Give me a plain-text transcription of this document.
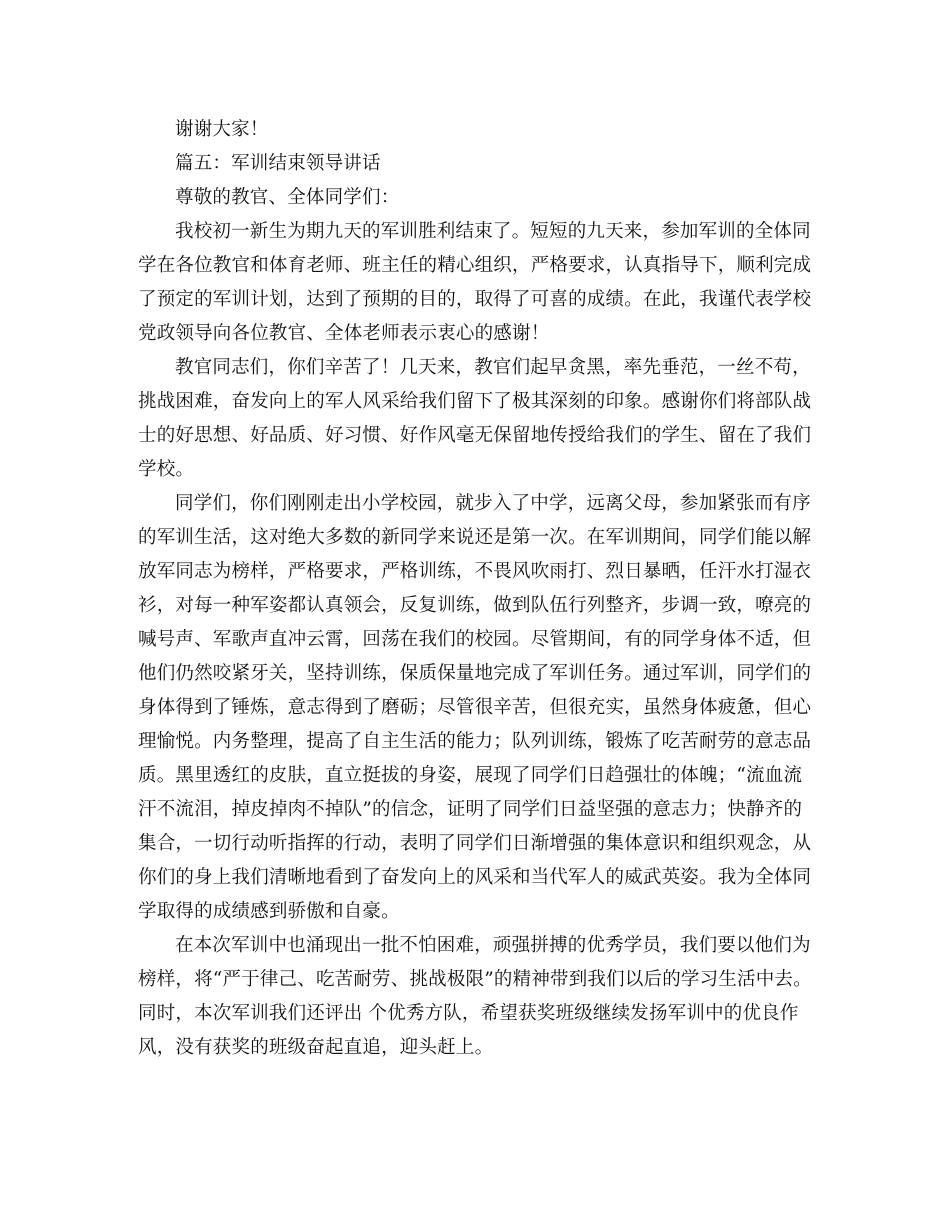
谢谢大家！
篇五：军训结束领导讲话
尊敬的教官、全体同学们：
我校初一新生为期九天的军训胜利结束了。短短的九天来，参加军训的全体同
学在各位教官和体育老师、班主任的精心组织，严格要求，认真指导下，顺利完成
了预定的军训计划，达到了预期的目的，取得了可喜的成绩。在此，我谨代表学校
党政领导向各位教官、全体老师表示衷心的感谢！
教官同志们，你们辛苦了！几天来，教官们起早贪黑，率先垂范，一丝不苟，
挑战困难，奋发向上的军人风采给我们留下了极其深刻的印象。感谢你们将部队战
士的好思想、好品质、好习惯、好作风毫无保留地传授给我们的学生、留在了我们
学校。
同学们，你们刚刚走出小学校园，就步入了中学，远离父母，参加紧张而有序
的军训生活，这对绝大多数的新同学来说还是第一次。在军训期间，同学们能以解
放军同志为榜样，严格要求，严格训练，不畏风吹雨打、烈日暴晒，任汗水打湿衣
衫，对每一种军姿都认真领会，反复训练，做到队伍行列整齐，步调一致，嘹亮的
喊号声、军歌声直冲云霄，回荡在我们的校园。尽管期间，有的同学身体不适，但
他们仍然咬紧牙关，坚持训练，保质保量地完成了军训任务。通过军训，同学们的
身体得到了锤炼，意志得到了磨砺；尽管很辛苦，但很充实，虽然身体疲惫，但心
理愉悦。内务整理，提高了自主生活的能力；队列训练，锻炼了吃苦耐劳的意志品
质。黑里透红的皮肤，直立挺拔的身姿，展现了同学们日趋强壮的体魄；“流血流
汗不流泪，掉皮掉肉不掉队”的信念，证明了同学们日益坚强的意志力；快静齐的
集合，一切行动听指挥的行动，表明了同学们日渐增强的集体意识和组织观念，从
你们的身上我们清晰地看到了奋发向上的风采和当代军人的威武英姿。我为全体同
学取得的成绩感到骄傲和自豪。
在本次军训中也涌现出一批不怕困难，顽强拼搏的优秀学员，我们要以他们为
榜样，将“严于律己、吃苦耐劳、挑战极限”的精神带到我们以后的学习生活中去。
同时，本次军训我们还评出 个优秀方队，希望获奖班级继续发扬军训中的优良作
风，没有获奖的班级奋起直追，迎头赶上。
